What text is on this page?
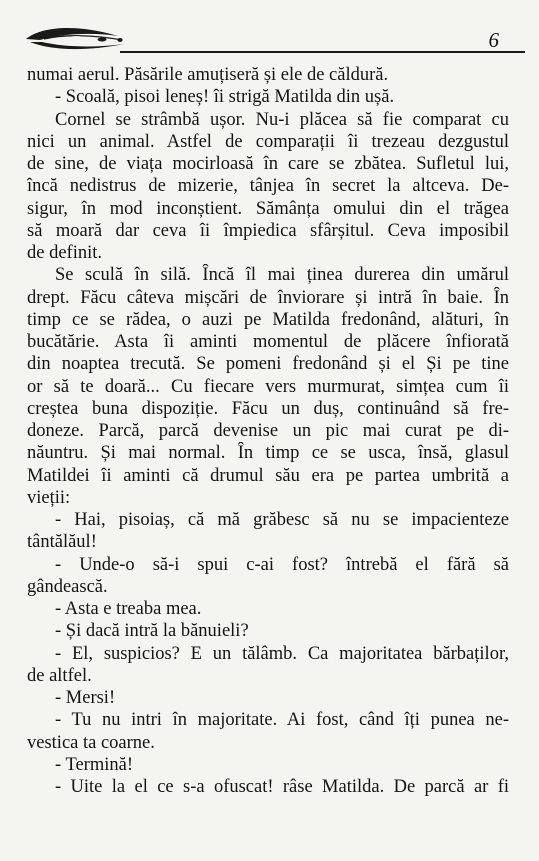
6
numai aerul. Păsările amuțiseră și ele de căldură.
- Scoală, pisoi leneș! îi strigă Matilda din ușă.
Cornel se strâmbă ușor. Nu-i plăcea să fie comparat cu
nici un animal. Astfel de comparații îi trezeau dezgustul
de sine, de viața mocirloasă în care se zbătea. Sufletul lui,
încă nedistrus de mizerie, tânjea în secret la altceva. De-
sigur, în mod inconștient. Sămânța omului din el trăgea
să moară dar ceva îi împiedica sfârșitul. Ceva imposibil
de definit.
Se sculă în silă. Încă îl mai ținea durerea din umărul
drept. Făcu câteva mișcări de înviorare și intră în baie. În
timp ce se rădea, o auzi pe Matilda fredonând, alături, în
bucătărie. Asta îi aminti momentul de plăcere înfiorată
din noaptea trecută. Se pomeni fredonând și el Și pe tine
or să te doară... Cu fiecare vers murmurat, simțea cum îi
creștea buna dispoziție. Făcu un duș, continuând să fre-
doneze. Parcă, parcă devenise un pic mai curat pe di-
năuntru. Și mai normal. În timp ce se usca, însă, glasul
Matildei îi aminti că drumul său era pe partea umbrită a
vieții:
- Hai, pisoiaș, că mă grăbesc să nu se impacienteze
tântălăul!
- Unde-o să-i spui c-ai fost? întrebă el fără să
gândească.
- Asta e treaba mea.
- Și dacă intră la bănuieli?
- El, suspicios? E un tălâmb. Ca majoritatea bărbaților,
de altfel.
- Mersi!
- Tu nu intri în majoritate. Ai fost, când îți punea ne-
vestica ta coarne.
- Termină!
- Uite la el ce s-a ofuscat! râse Matilda. De parcă ar fi
